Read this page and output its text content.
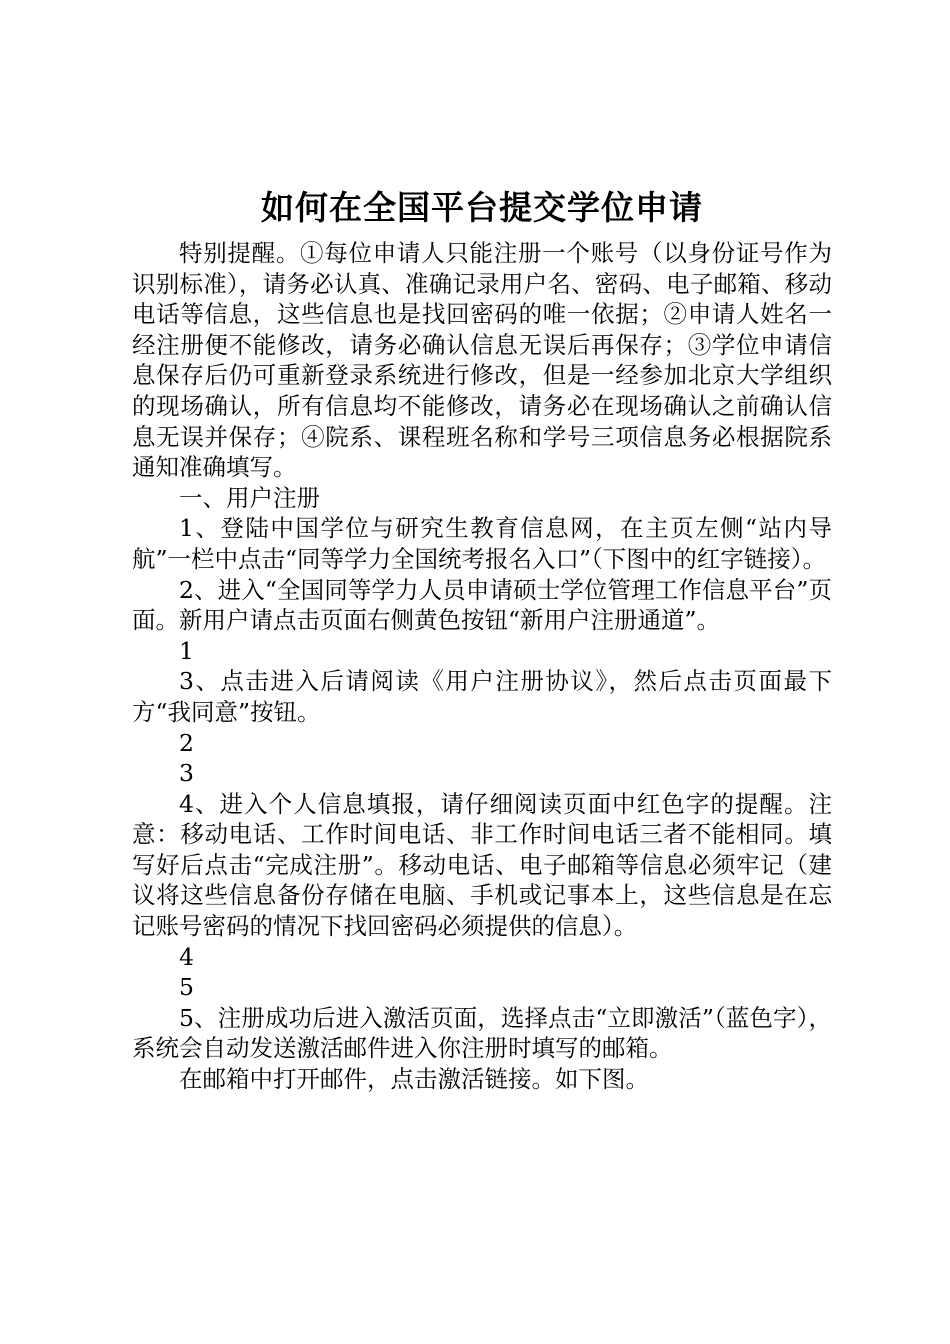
如何在全国平台提交学位申请

特别提醒。①每位申请人只能注册一个账号（以身份证号作为识别标准），请务必认真、准确记录用户名、密码、电子邮箱、移动电话等信息，这些信息也是找回密码的唯一依据；②申请人姓名一经注册便不能修改，请务必确认信息无误后再保存；③学位申请信息保存后仍可重新登录系统进行修改，但是一经参加北京大学组织的现场确认，所有信息均不能修改，请务必在现场确认之前确认信息无误并保存；④院系、课程班名称和学号三项信息务必根据院系通知准确填写。

一、用户注册

1、登陆中国学位与研究生教育信息网，在主页左侧“站内导航”一栏中点击“同等学力全国统考报名入口”（下图中的红字链接）。

2、进入“全国同等学力人员申请硕士学位管理工作信息平台”页面。新用户请点击页面右侧黄色按钮“新用户注册通道”。

1

3、点击进入后请阅读《用户注册协议》，然后点击页面最下方“我同意”按钮。

2

3

4、进入个人信息填报，请仔细阅读页面中红色字的提醒。注意：移动电话、工作时间电话、非工作时间电话三者不能相同。填写好后点击“完成注册”。移动电话、电子邮箱等信息必须牢记（建议将这些信息备份存储在电脑、手机或记事本上，这些信息是在忘记账号密码的情况下找回密码必须提供的信息）。

4

5

5、注册成功后进入激活页面，选择点击“立即激活”（蓝色字），系统会自动发送激活邮件进入你注册时填写的邮箱。

在邮箱中打开邮件，点击激活链接。如下图。
